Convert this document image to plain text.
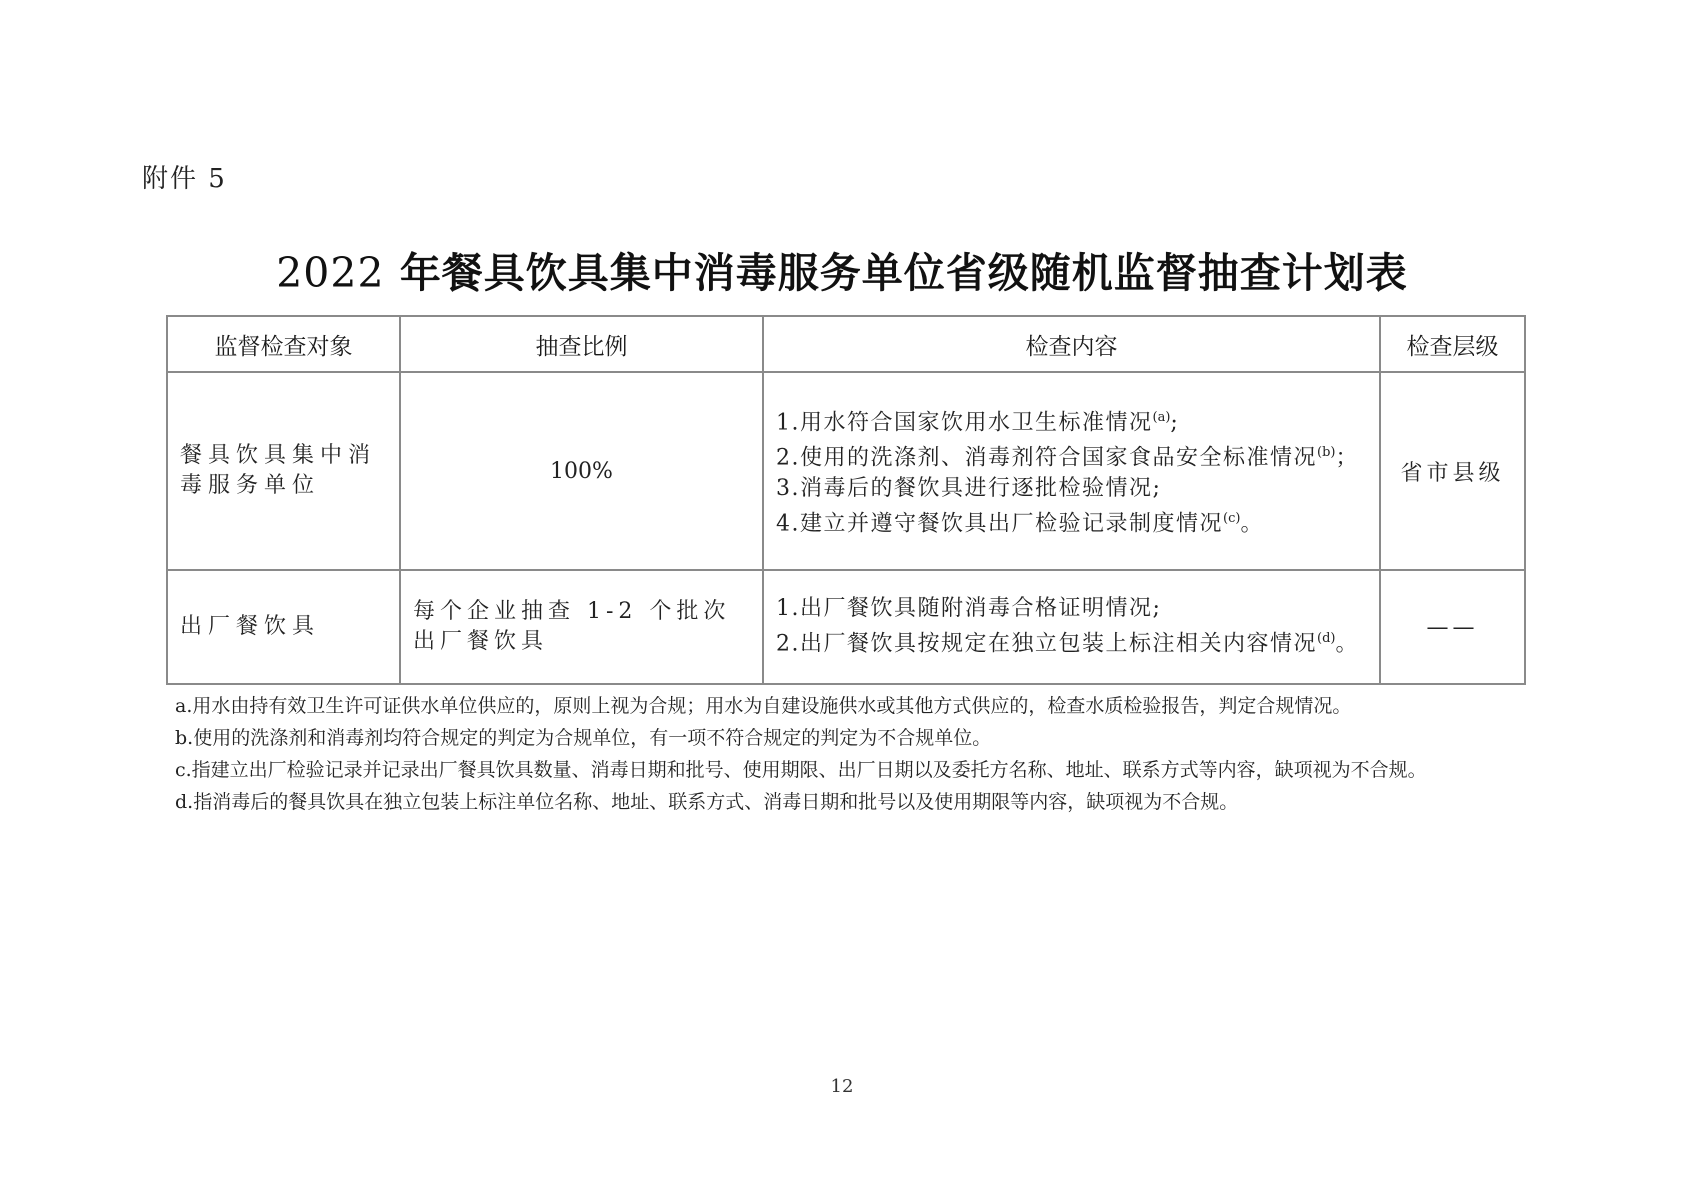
附件 5
2022 年餐具饮具集中消毒服务单位省级随机监督抽查计划表
监督检查对象	抽查比例	检查内容	检查层级
餐具饮具集中消毒服务单位	100%	1.用水符合国家饮用水卫生标准情况$^{(a)}$;
2.使用的洗涤剂、消毒剂符合国家食品安全标准情况$^{(b)}$；
3.消毒后的餐饮具进行逐批检验情况;
4.建立并遵守餐饮具出厂检验记录制度情况$^{(c)}$。	省市县级
出厂餐饮具	每个企业抽查 1-2 个批次出厂餐饮具	1.出厂餐饮具随附消毒合格证明情况;
2.出厂餐饮具按规定在独立包装上标注相关内容情况$^{(d)}$。	——

a.用水由持有效卫生许可证供水单位供应的，原则上视为合规；用水为自建设施供水或其他方式供应的，检查水质检验报告，判定合规情况。

b.使用的洗涤剂和消毒剂均符合规定的判定为合规单位，有一项不符合规定的判定为不合规单位。

c.指建立出厂检验记录并记录出厂餐具饮具数量、消毒日期和批号、使用期限、出厂日期以及委托方名称、地址、联系方式等内容，缺项视为不合规。

d.指消毒后的餐具饮具在独立包装上标注单位名称、地址、联系方式、消毒日期和批号以及使用期限等内容，缺项视为不合规。

12
